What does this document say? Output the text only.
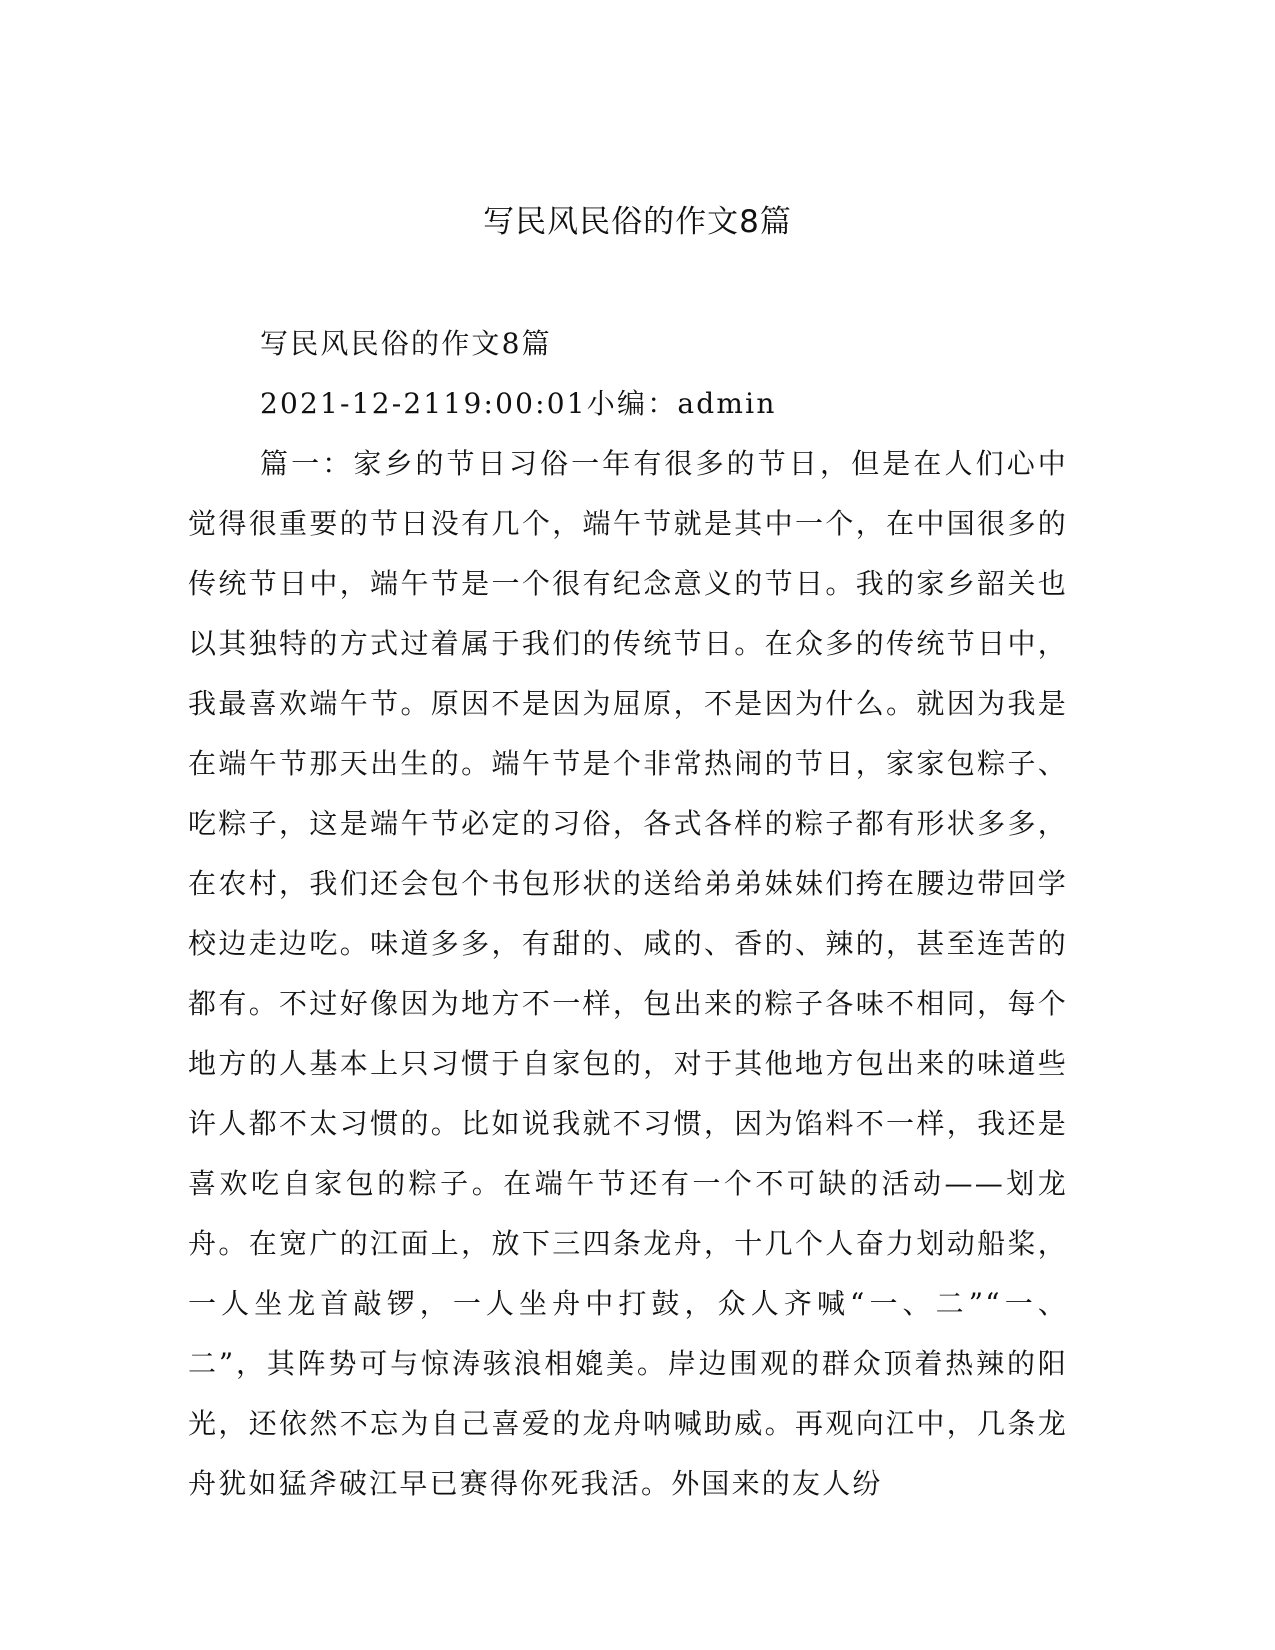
写民风民俗的作文8篇

写民风民俗的作文8篇

2021-12-2119:00:01小编：admin

篇一：家乡的节日习俗一年有很多的节日，但是在人们心中觉得很重要的节日没有几个，端午节就是其中一个，在中国很多的传统节日中，端午节是一个很有纪念意义的节日。我的家乡韶关也以其独特的方式过着属于我们的传统节日。在众多的传统节日中，我最喜欢端午节。原因不是因为屈原，不是因为什么。就因为我是在端午节那天出生的。端午节是个非常热闹的节日，家家包粽子、吃粽子，这是端午节必定的习俗，各式各样的粽子都有形状多多，在农村，我们还会包个书包形状的送给弟弟妹妹们挎在腰边带回学校边走边吃。味道多多，有甜的、咸的、香的、辣的，甚至连苦的都有。不过好像因为地方不一样，包出来的粽子各味不相同，每个地方的人基本上只习惯于自家包的，对于其他地方包出来的味道些许人都不太习惯的。比如说我就不习惯，因为馅料不一样，我还是喜欢吃自家包的粽子。在端午节还有一个不可缺的活动——划龙舟。在宽广的江面上，放下三四条龙舟，十几个人奋力划动船桨，一人坐龙首敲锣，一人坐舟中打鼓，众人齐喊“一、二”“一、二”，其阵势可与惊涛骇浪相媲美。岸边围观的群众顶着热辣的阳光，还依然不忘为自己喜爱的龙舟呐喊助威。再观向江中，几条龙舟犹如猛斧破江早已赛得你死我活。外国来的友人纷
